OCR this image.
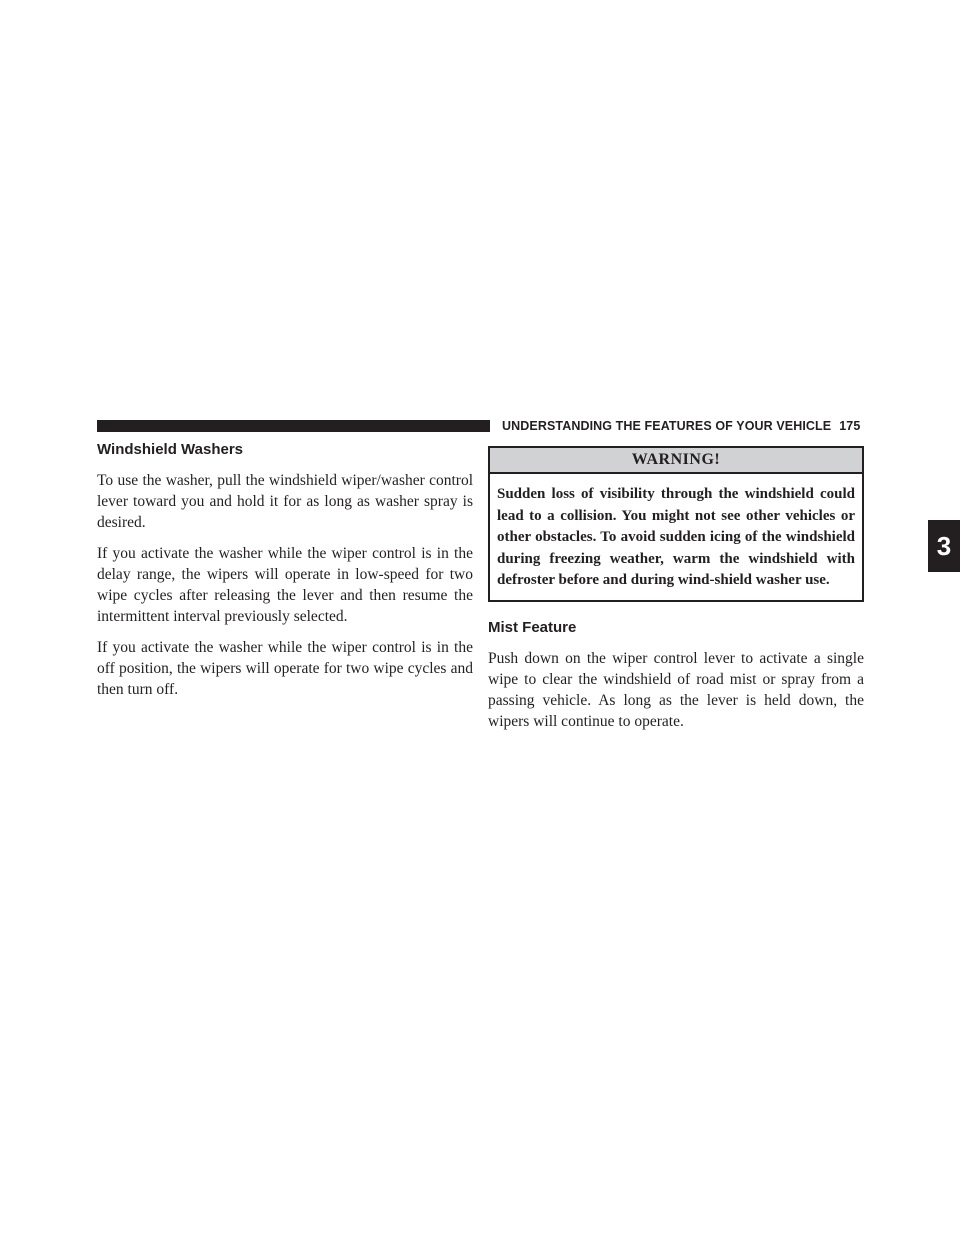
UNDERSTANDING THE FEATURES OF YOUR VEHICLE 175
3
Windshield Washers

To use the washer, pull the windshield wiper/washer control lever toward you and hold it for as long as washer spray is desired.

If you activate the washer while the wiper control is in the delay range, the wipers will operate in low-speed for two wipe cycles after releasing the lever and then resume the intermittent interval previously selected.

If you activate the washer while the wiper control is in the off position, the wipers will operate for two wipe cycles and then turn off.

WARNING!
Sudden loss of visibility through the windshield could lead to a collision. You might not see other vehicles or other obstacles. To avoid sudden icing of the windshield during freezing weather, warm the windshield with defroster before and during wind-shield washer use.
Mist Feature

Push down on the wiper control lever to activate a single wipe to clear the windshield of road mist or spray from a passing vehicle. As long as the lever is held down, the wipers will continue to operate.
